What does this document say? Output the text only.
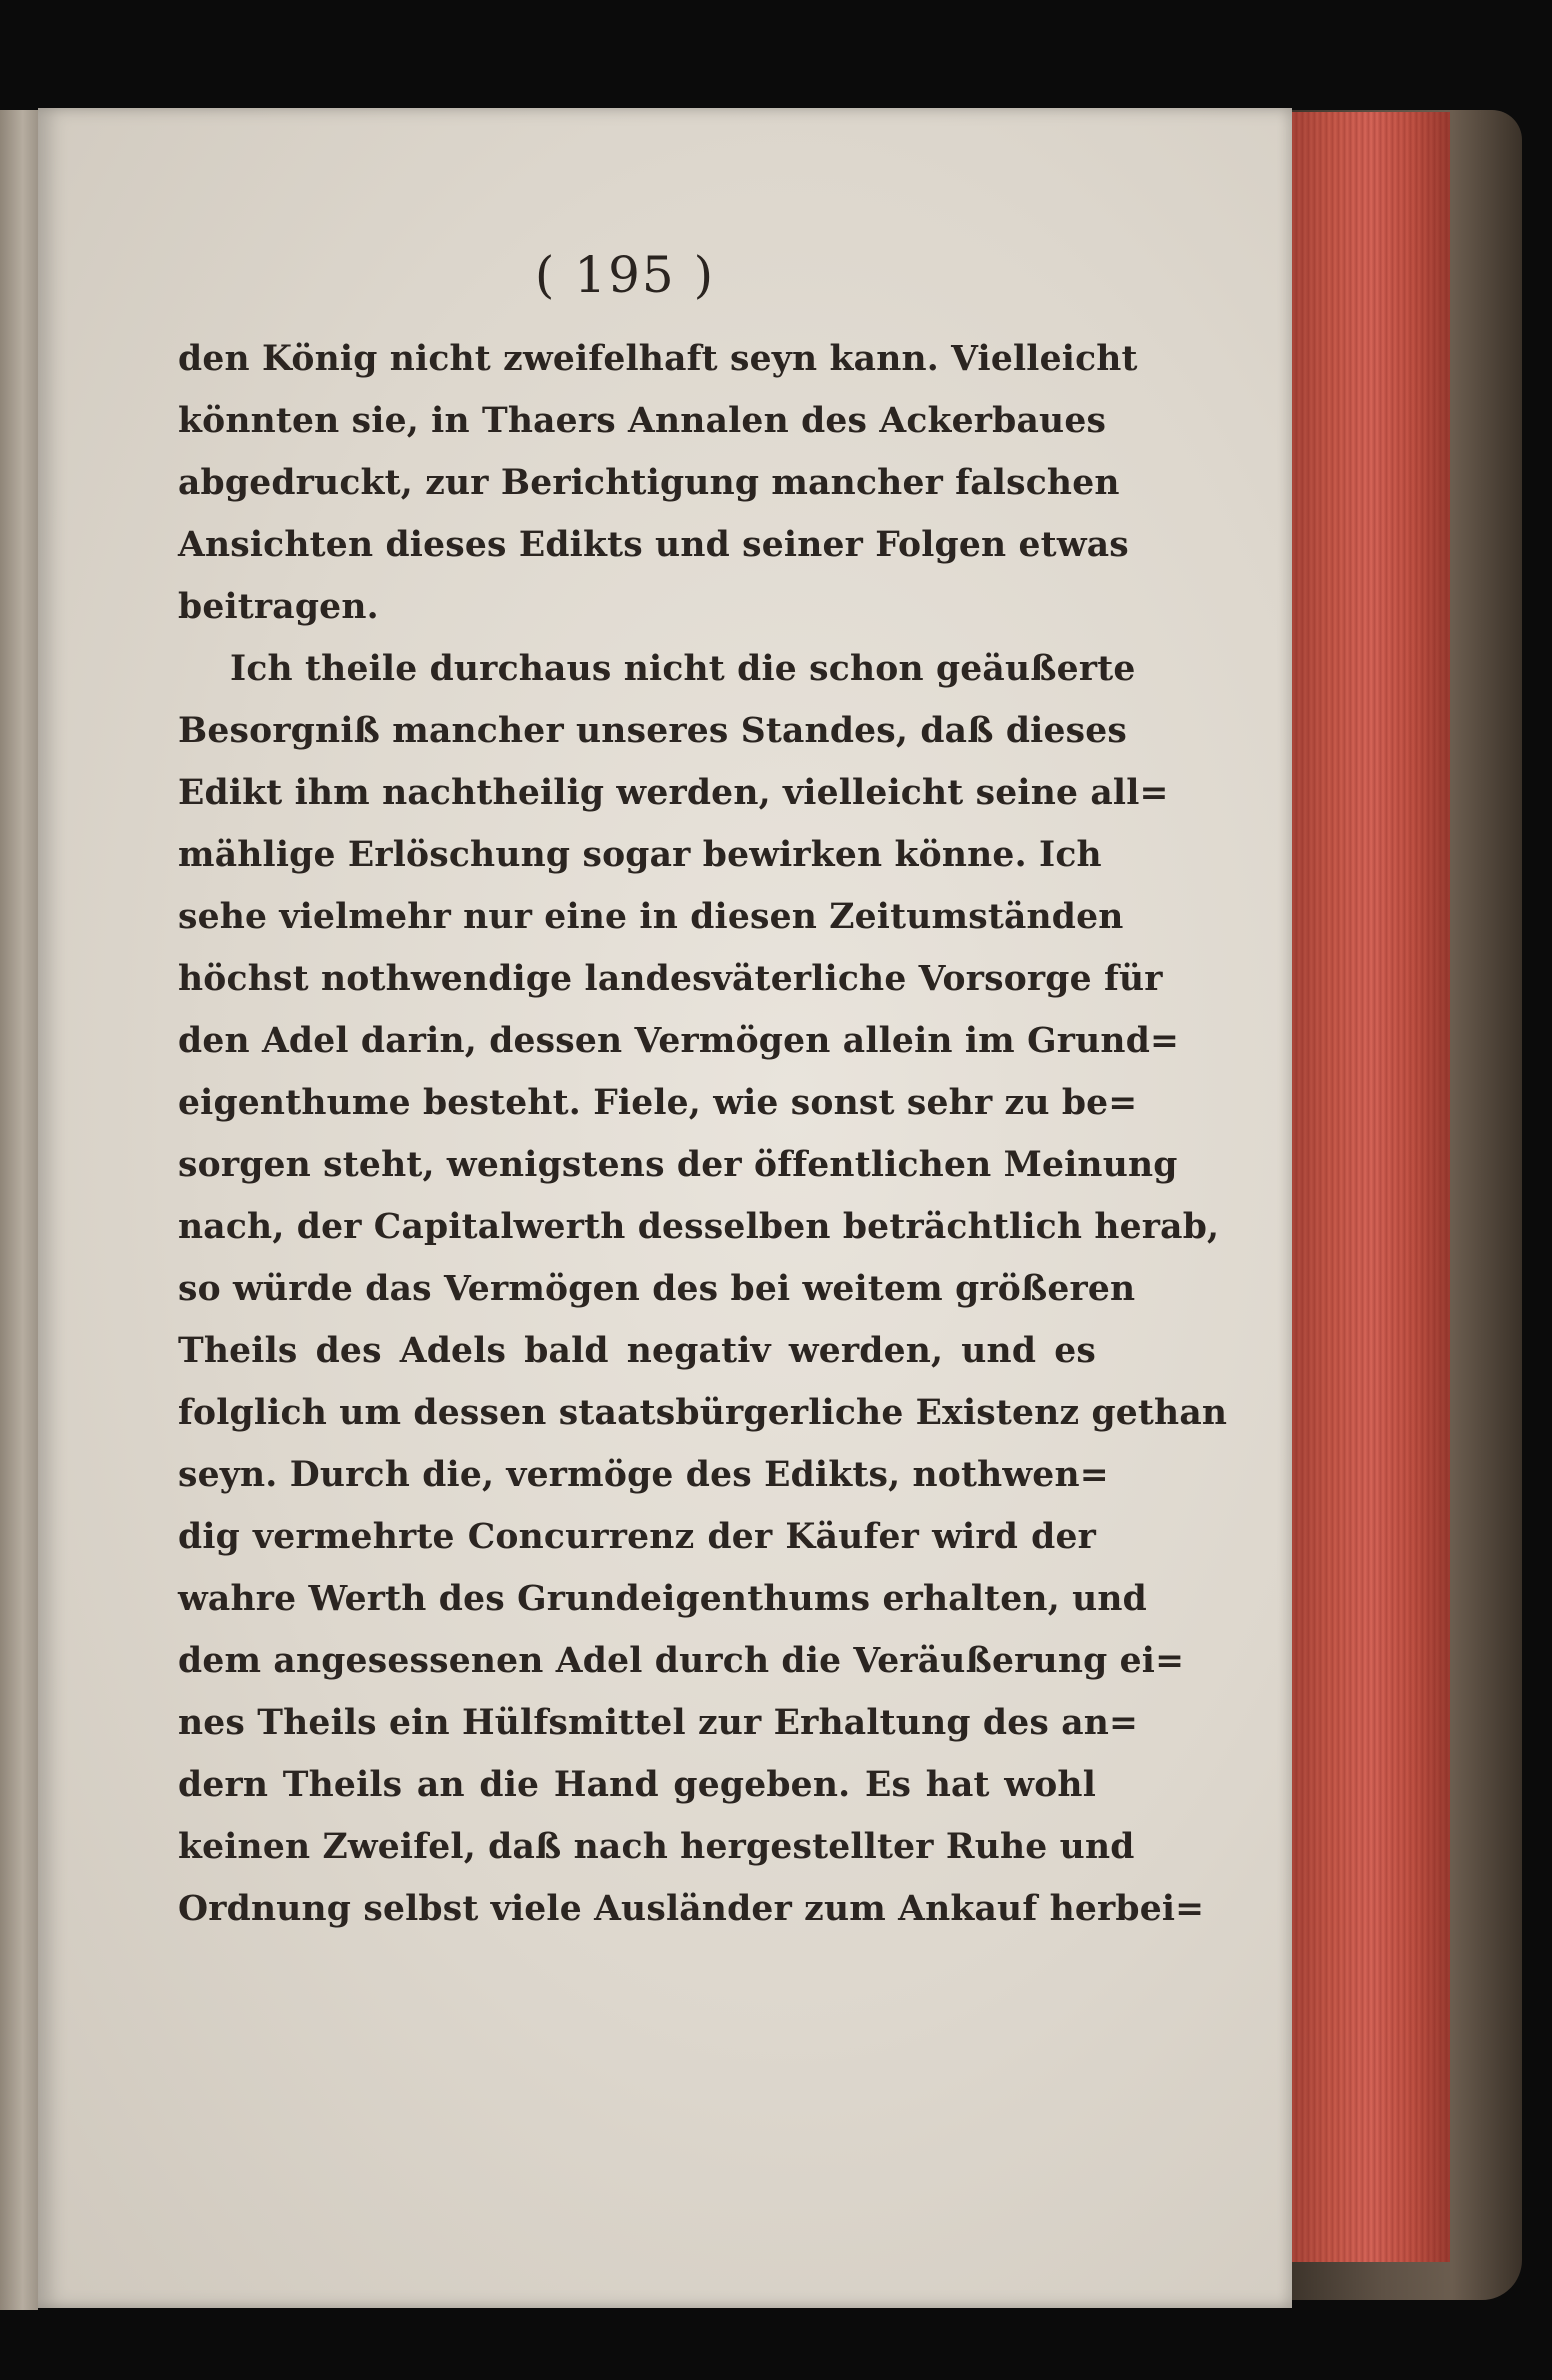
( 195 )
den König nicht zweifelhaft seyn kann. Vielleicht
könnten sie, in Thaers Annalen des Ackerbaues
abgedruckt, zur Berichtigung mancher falschen
Ansichten dieses Edikts und seiner Folgen etwas
beitragen.
Ich theile durchaus nicht die schon geäußerte
Besorgniß mancher unseres Standes, daß dieses
Edikt ihm nachtheilig werden, vielleicht seine all=
mählige Erlöschung sogar bewirken könne. Ich
sehe vielmehr nur eine in diesen Zeitumständen
höchst nothwendige landesväterliche Vorsorge für
den Adel darin, dessen Vermögen allein im Grund=
eigenthume besteht. Fiele, wie sonst sehr zu be=
sorgen steht, wenigstens der öffentlichen Meinung
nach, der Capitalwerth desselben beträchtlich herab,
so würde das Vermögen des bei weitem größeren
Theils des Adels bald negativ werden, und es
folglich um dessen staatsbürgerliche Existenz gethan
seyn. Durch die, vermöge des Edikts, nothwen=
dig vermehrte Concurrenz der Käufer wird der
wahre Werth des Grundeigenthums erhalten, und
dem angesessenen Adel durch die Veräußerung ei=
nes Theils ein Hülfsmittel zur Erhaltung des an=
dern Theils an die Hand gegeben. Es hat wohl
keinen Zweifel, daß nach hergestellter Ruhe und
Ordnung selbst viele Ausländer zum Ankauf herbei=
